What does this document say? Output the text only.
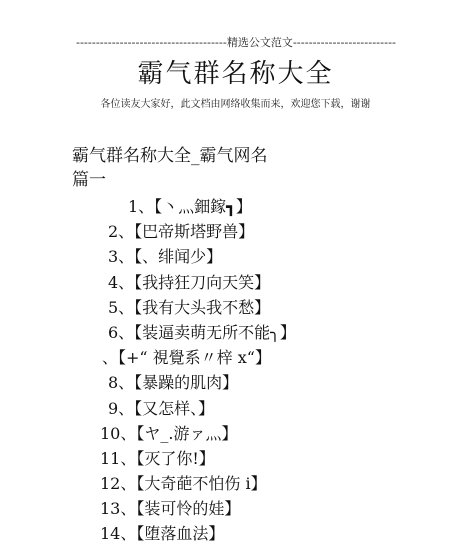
--------------------------------------精选公文范文--------------------------
霸气群名称大全
各位读友大家好，此文档由网络收集而来，欢迎您下载，谢谢
霸气群名称大全_霸气网名
篇一
1、【丶灬鈿鎵┓】
2、【巴帝斯塔野兽】
3、【、绯闻少】
4、【我持狂刀向天笑】
5、【我有大头我不愁】
6、【装逼卖萌无所不能╮】
、【+“ 視覺系〃梓 х“】
8、【暴躁的肌肉】
9、【又怎样、】
10、【ヤ_.游ァ灬】
11、【灭了你!】
12、【大奇葩不怕伤 i】
13、【装可怜的娃】
14、【堕落血法】
